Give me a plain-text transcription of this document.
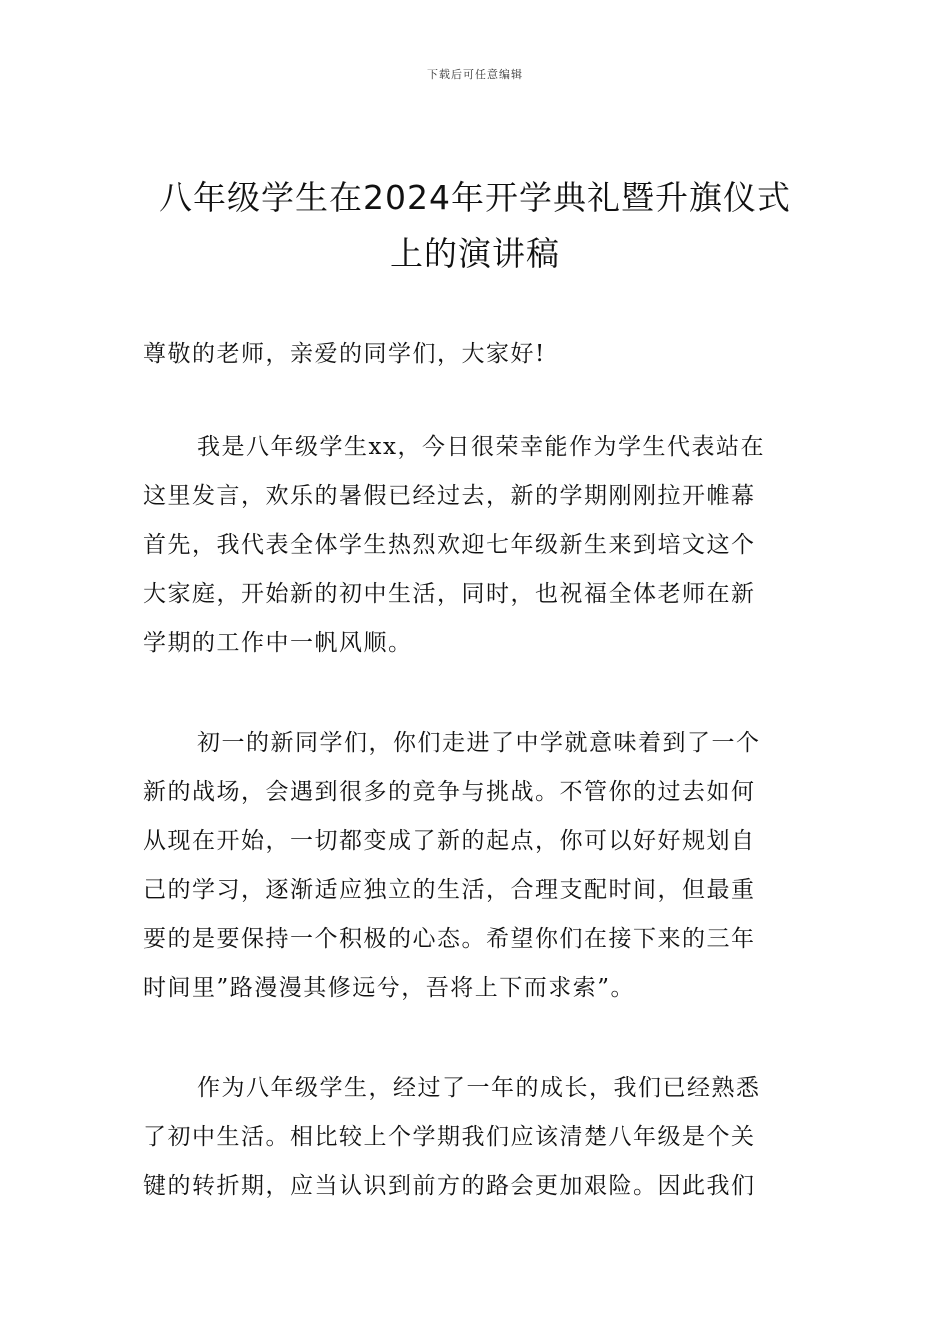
下载后可任意编辑
八年级学生在2024年开学典礼暨升旗仪式
上的演讲稿

尊敬的老师，亲爱的同学们，大家好!

我是八年级学生xx，今日很荣幸能作为学生代表站在
这里发言，欢乐的暑假已经过去，新的学期刚刚拉开帷幕
首先，我代表全体学生热烈欢迎七年级新生来到培文这个
大家庭，开始新的初中生活，同时，也祝福全体老师在新
学期的工作中一帆风顺。

初一的新同学们，你们走进了中学就意味着到了一个
新的战场，会遇到很多的竞争与挑战。不管你的过去如何
从现在开始，一切都变成了新的起点，你可以好好规划自
己的学习，逐渐适应独立的生活，合理支配时间，但最重
要的是要保持一个积极的心态。希望你们在接下来的三年
时间里”路漫漫其修远兮，吾将上下而求索”。

作为八年级学生，经过了一年的成长，我们已经熟悉
了初中生活。相比较上个学期我们应该清楚八年级是个关
键的转折期，应当认识到前方的路会更加艰险。因此我们
